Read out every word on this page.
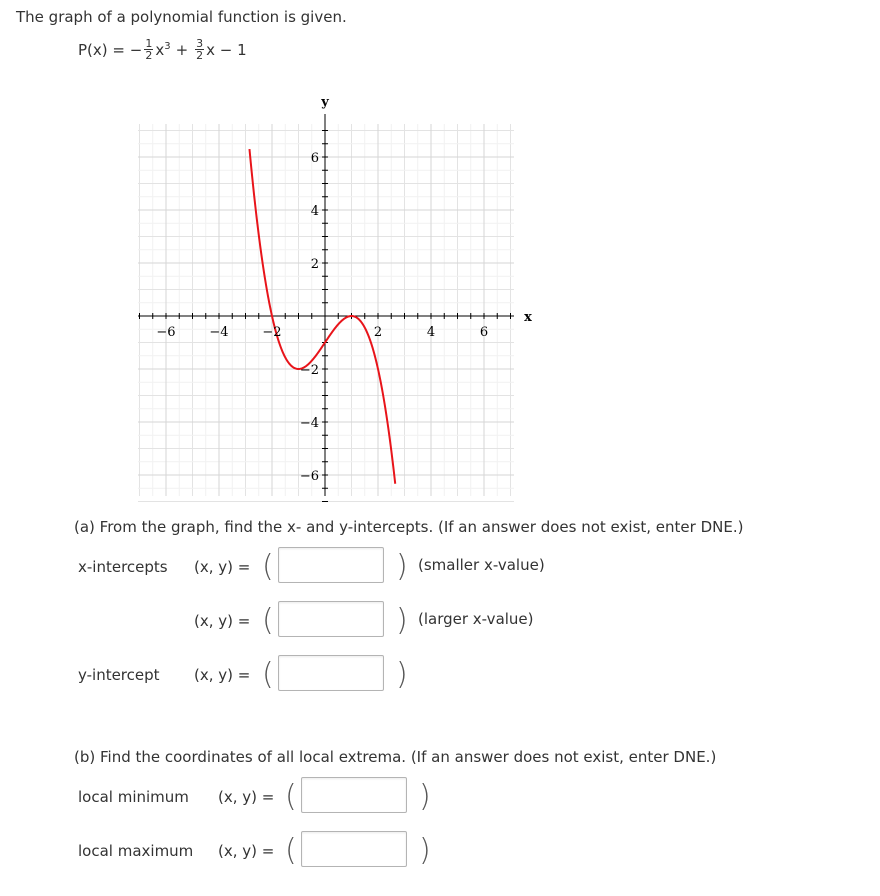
The graph of a polynomial function is given.
P(x) = − $\frac{1}{2} x^3 + \frac{3}{2}$ x − 1
−6	−4	−2	2	4	6
6
4
2
−2
−4
−6
y
x
(a) From the graph, find the x- and y-intercepts. (If an answer does not exist, enter DNE.)
x-intercepts (x, y) = (	) (smaller x-value)
(x, y) = (	) (larger x-value)
y-intercept (x, y) = (	)
(b) Find the coordinates of all local extrema. (If an answer does not exist, enter DNE.)
local minimum (x, y) = (	)
local maximum (x, y) = (	)
